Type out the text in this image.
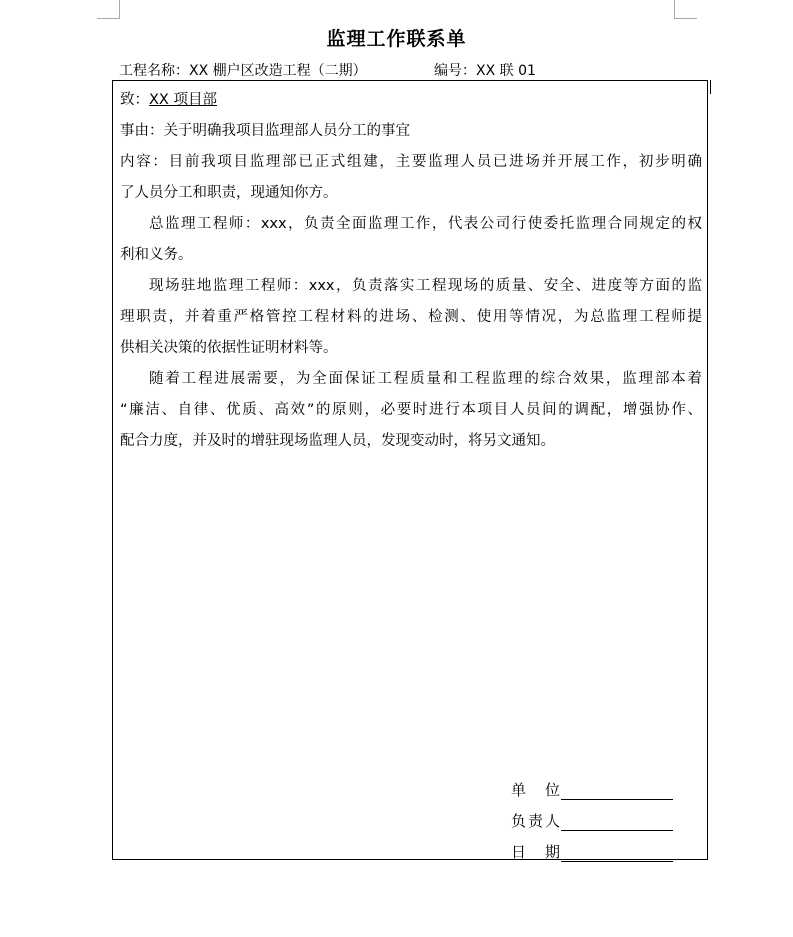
监理工作联系单
工程名称：XX 棚户区改造工程（二期）	编号：XX 联 01
致：XX 项目部
事由：关于明确我项目监理部人员分工的事宜
内容：目前我项目监理部已正式组建，主要监理人员已进场并开展工作，初步明确
了人员分工和职责，现通知你方。
总监理工程师：xxx，负责全面监理工作，代表公司行使委托监理合同规定的权
利和义务。
现场驻地监理工程师：xxx，负责落实工程现场的质量、安全、进度等方面的监
理职责，并着重严格管控工程材料的进场、检测、使用等情况，为总监理工程师提
供相关决策的依据性证明材料等。
随着工程进展需要，为全面保证工程质量和工程监理的综合效果，监理部本着
“廉洁、自律、优质、高效”的原则，必要时进行本项目人员间的调配，增强协作、
配合力度，并及时的增驻现场监理人员，发现变动时，将另文通知。
单 位
负责人
日 期
